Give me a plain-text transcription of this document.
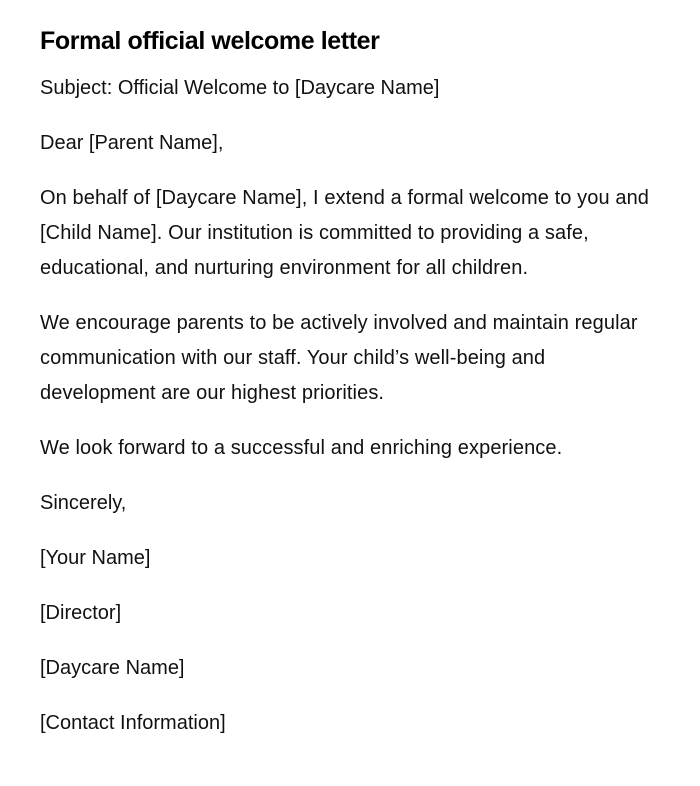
Formal official welcome letter

Subject: Official Welcome to [Daycare Name]

Dear [Parent Name],

On behalf of [Daycare Name], I extend a formal welcome to you and [Child Name]. Our institution is committed to providing a safe, educational, and nurturing environment for all children.

We encourage parents to be actively involved and maintain regular communication with our staff. Your child’s well-being and development are our highest priorities.

We look forward to a successful and enriching experience.

Sincerely,

[Your Name]

[Director]

[Daycare Name]

[Contact Information]
